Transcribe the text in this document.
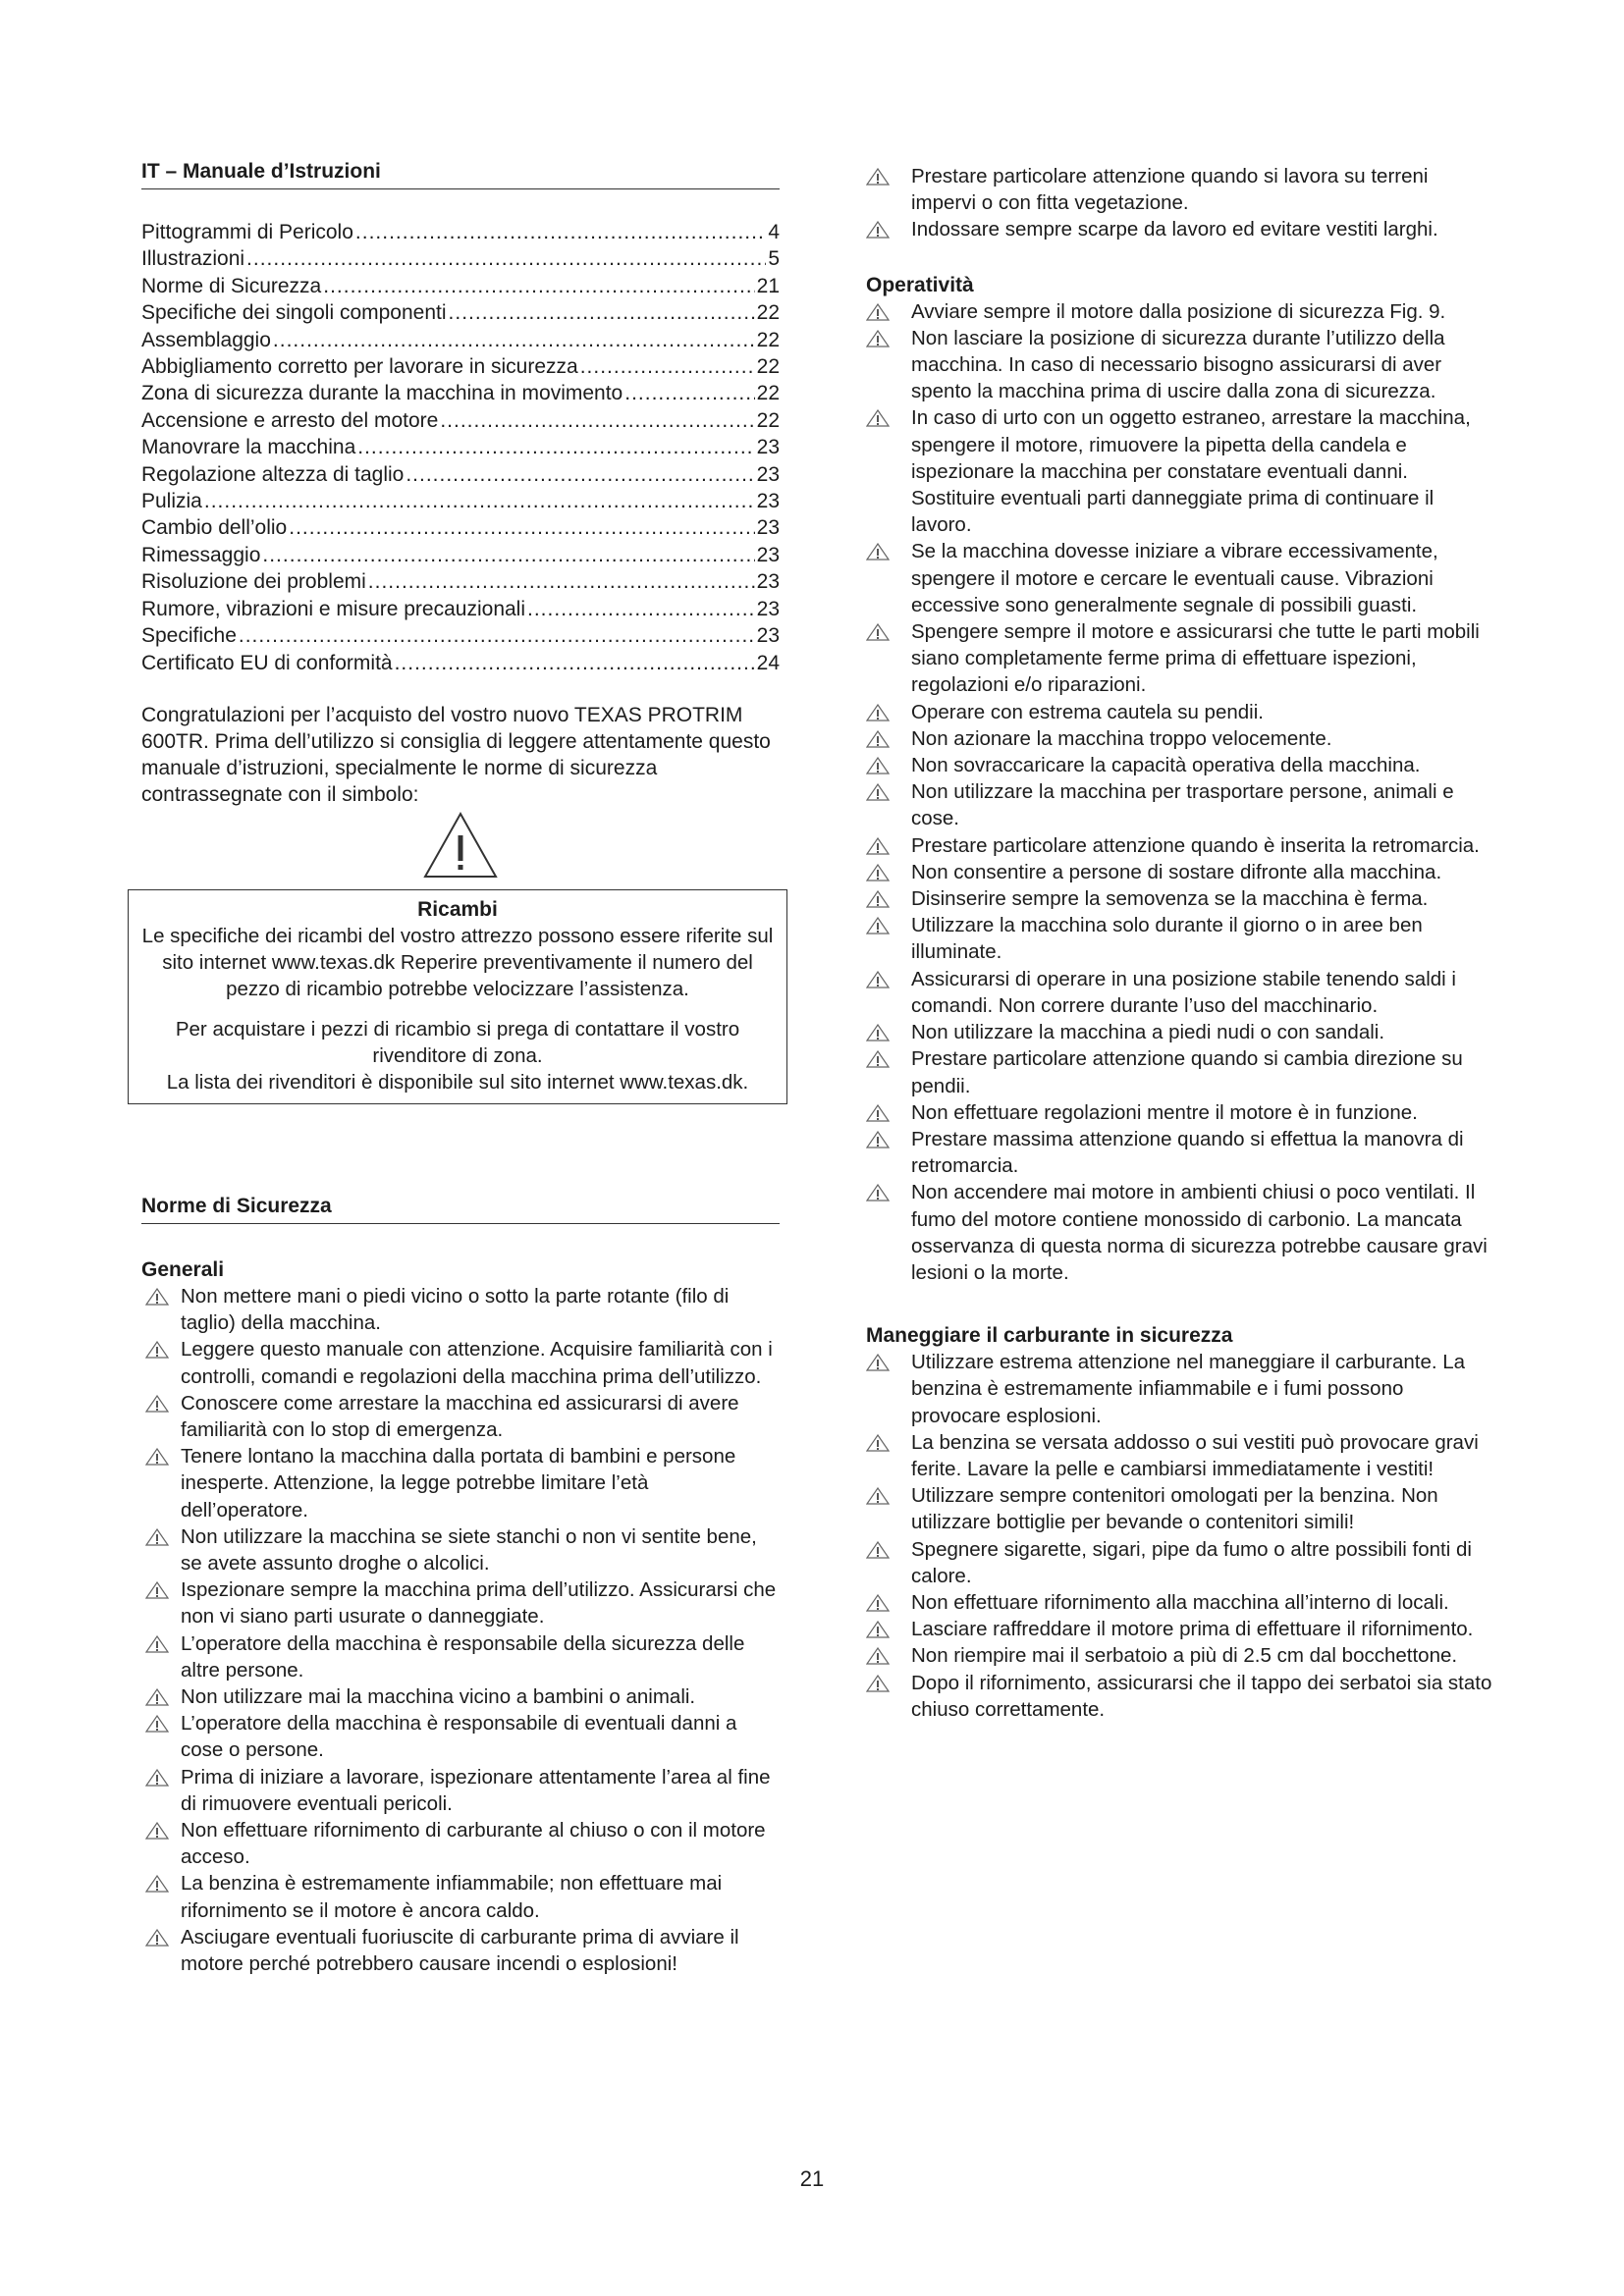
IT – Manuale d’Istruzioni
Pittogrammi di Pericolo .....	4
Illustrazioni .....	5
Norme di Sicurezza .....	21
Specifiche dei singoli componenti .....	22
Assemblaggio .....	22
Abbigliamento corretto per lavorare in sicurezza .....	22
Zona di sicurezza durante la macchina in movimento .....	22
Accensione e arresto del motore .....	22
Manovrare la macchina .....	23
Regolazione altezza di taglio .....	23
Pulizia .....	23
Cambio dell’olio .....	23
Rimessaggio .....	23
Risoluzione dei problemi .....	23
Rumore, vibrazioni e misure precauzionali .....	23
Specifiche .....	23
Certificato EU di conformità .....	24
Congratulazioni per l’acquisto del vostro nuovo TEXAS PROTRIM 600TR. Prima dell’utilizzo si consiglia di leggere attentamente questo manuale d’istruzioni, specialmente le norme di sicurezza contrassegnate con il simbolo:
Ricambi

Le specifiche dei ricambi del vostro attrezzo possono essere riferite sul sito internet www.texas.dk Reperire preventivamente il numero del pezzo di ricambio potrebbe velocizzare l’assistenza.

Per acquistare i pezzi di ricambio si prega di contattare il vostro rivenditore di zona.

La lista dei rivenditori è disponibile sul sito internet www.texas.dk.

Norme di Sicurezza
Generali
Non mettere mani o piedi vicino o sotto la parte rotante (filo di taglio) della macchina.
Leggere questo manuale con attenzione. Acquisire familiarità con i controlli, comandi e regolazioni della macchina prima dell’utilizzo.
Conoscere come arrestare la macchina ed assicurarsi di avere familiarità con lo stop di emergenza.
Tenere lontano la macchina dalla portata di bambini e persone inesperte. Attenzione, la legge potrebbe limitare l’età dell’operatore.
Non utilizzare la macchina se siete stanchi o non vi sentite bene, se avete assunto droghe o alcolici.
Ispezionare sempre la macchina prima dell’utilizzo. Assicurarsi che non vi siano parti usurate o danneggiate.
L’operatore della macchina è responsabile della sicurezza delle altre persone.
Non utilizzare mai la macchina vicino a bambini o animali.
L’operatore della macchina è responsabile di eventuali danni a cose o persone.
Prima di iniziare a lavorare, ispezionare attentamente l’area al fine di rimuovere eventuali pericoli.
Non effettuare rifornimento di carburante al chiuso o con il motore acceso.
La benzina è estremamente infiammabile; non effettuare mai rifornimento se il motore è ancora caldo.
Asciugare eventuali fuoriuscite di carburante prima di avviare il motore perché potrebbero causare incendi o esplosioni!
Prestare particolare attenzione quando si lavora su terreni impervi o con fitta vegetazione.
Indossare sempre scarpe da lavoro ed evitare vestiti larghi.
Operatività
Avviare sempre il motore dalla posizione di sicurezza Fig. 9.
Non lasciare la posizione di sicurezza durante l’utilizzo della macchina. In caso di necessario bisogno assicurarsi di aver spento la macchina prima di uscire dalla zona di sicurezza.
In caso di urto con un oggetto estraneo, arrestare la macchina, spengere il motore, rimuovere la pipetta della candela e ispezionare la macchina per constatare eventuali danni. Sostituire eventuali parti danneggiate prima di continuare il lavoro.
Se la macchina dovesse iniziare a vibrare eccessivamente, spengere il motore e cercare le eventuali cause. Vibrazioni eccessive sono generalmente segnale di possibili guasti.
Spengere sempre il motore e assicurarsi che tutte le parti mobili siano completamente ferme prima di effettuare ispezioni, regolazioni e/o riparazioni.
Operare con estrema cautela su pendii.
Non azionare la macchina troppo velocemente.
Non sovraccaricare la capacità operativa della macchina.
Non utilizzare la macchina per trasportare persone, animali e cose.
Prestare particolare attenzione quando è inserita la retromarcia.
Non consentire a persone di sostare difronte alla macchina.
Disinserire sempre la semovenza se la macchina è ferma.
Utilizzare la macchina solo durante il giorno o in aree ben illuminate.
Assicurarsi di operare in una posizione stabile tenendo saldi i comandi. Non correre durante l’uso del macchinario.
Non utilizzare la macchina a piedi nudi o con sandali.
Prestare particolare attenzione quando si cambia direzione su pendii.
Non effettuare regolazioni mentre il motore è in funzione.
Prestare massima attenzione quando si effettua la manovra di retromarcia.
Non accendere mai motore in ambienti chiusi o poco ventilati. Il fumo del motore contiene monossido di carbonio. La mancata osservanza di questa norma di sicurezza potrebbe causare gravi lesioni o la morte.
Maneggiare il carburante in sicurezza
Utilizzare estrema attenzione nel maneggiare il carburante. La benzina è estremamente infiammabile e i fumi possono provocare esplosioni.
La benzina se versata addosso o sui vestiti può provocare gravi ferite. Lavare la pelle e cambiarsi immediatamente i vestiti!
Utilizzare sempre contenitori omologati per la benzina. Non utilizzare bottiglie per bevande o contenitori simili!
Spegnere sigarette, sigari, pipe da fumo o altre possibili fonti di calore.
Non effettuare rifornimento alla macchina all’interno di locali.
Lasciare raffreddare il motore prima di effettuare il rifornimento.
Non riempire mai il serbatoio a più di 2.5 cm dal bocchettone.
Dopo il rifornimento, assicurarsi che il tappo dei serbatoi sia stato chiuso correttamente.
21
